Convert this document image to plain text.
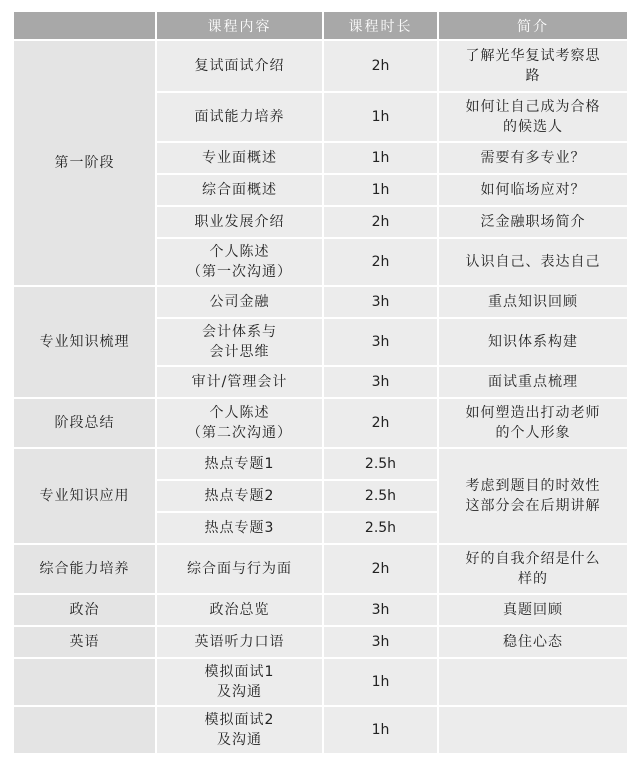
	课程内容	课程时长	简介
第一阶段	复试面试介绍	2h	了解光华复试考察思
路

	面试能力培养	1h	如何让自己成为合格
的候选人

	专业面概述	1h	需要有多专业？

	综合面概述	1h	如何临场应对？

	职业发展介绍	2h	泛金融职场简介

	个人陈述
（第一次沟通）	2h	认识自己、表达自己

专业知识梳理	公司金融	3h	重点知识回顾

	会计体系与
会计思维	3h	知识体系构建

	审计/管理会计	3h	面试重点梳理

阶段总结	个人陈述
（第二次沟通）	2h	如何塑造出打动老师
的个人形象

专业知识应用	热点专题1	2.5h	考虑到题目的时效性
这部分会在后期讲解

	热点专题2	2.5h	

	热点专题3	2.5h	
综合能力培养	综合面与行为面	2h	好的自我介绍是什么
样的

政治	政治总览	3h	真题回顾

英语	英语听力口语	3h	稳住心态

	模拟面试1
及沟通	1h	

	模拟面试2
及沟通	1h	
